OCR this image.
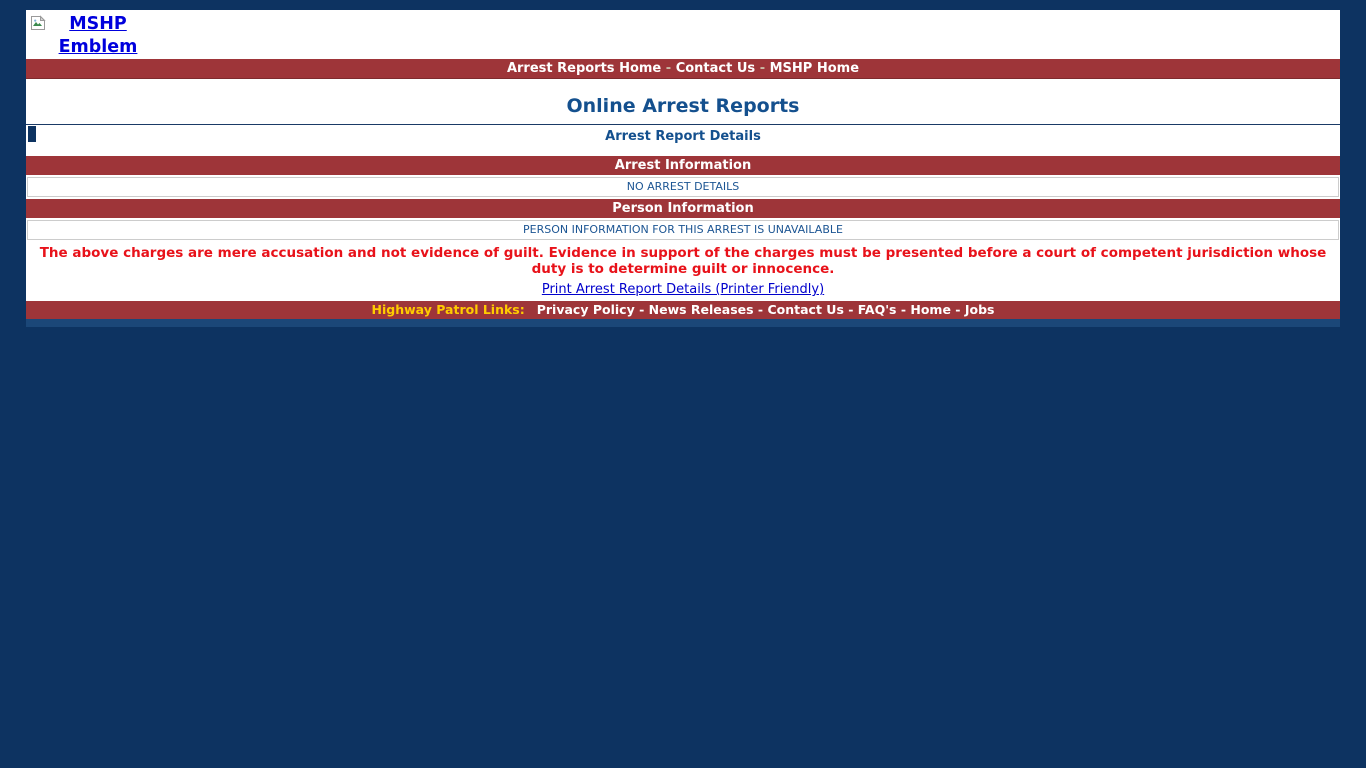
MSHP Emblem
Arrest Reports Home - Contact Us - MSHP Home
Online Arrest Reports
Arrest Report Details
Arrest Information
NO ARREST DETAILS
Person Information
PERSON INFORMATION FOR THIS ARREST IS UNAVAILABLE
The above charges are mere accusation and not evidence of guilt. Evidence in support of the charges must be presented before a court of competent jurisdiction whose duty is to determine guilt or innocence.
Print Arrest Report Details (Printer Friendly)
Highway Patrol Links: Privacy Policy - News Releases - Contact Us - FAQ's - Home - Jobs
